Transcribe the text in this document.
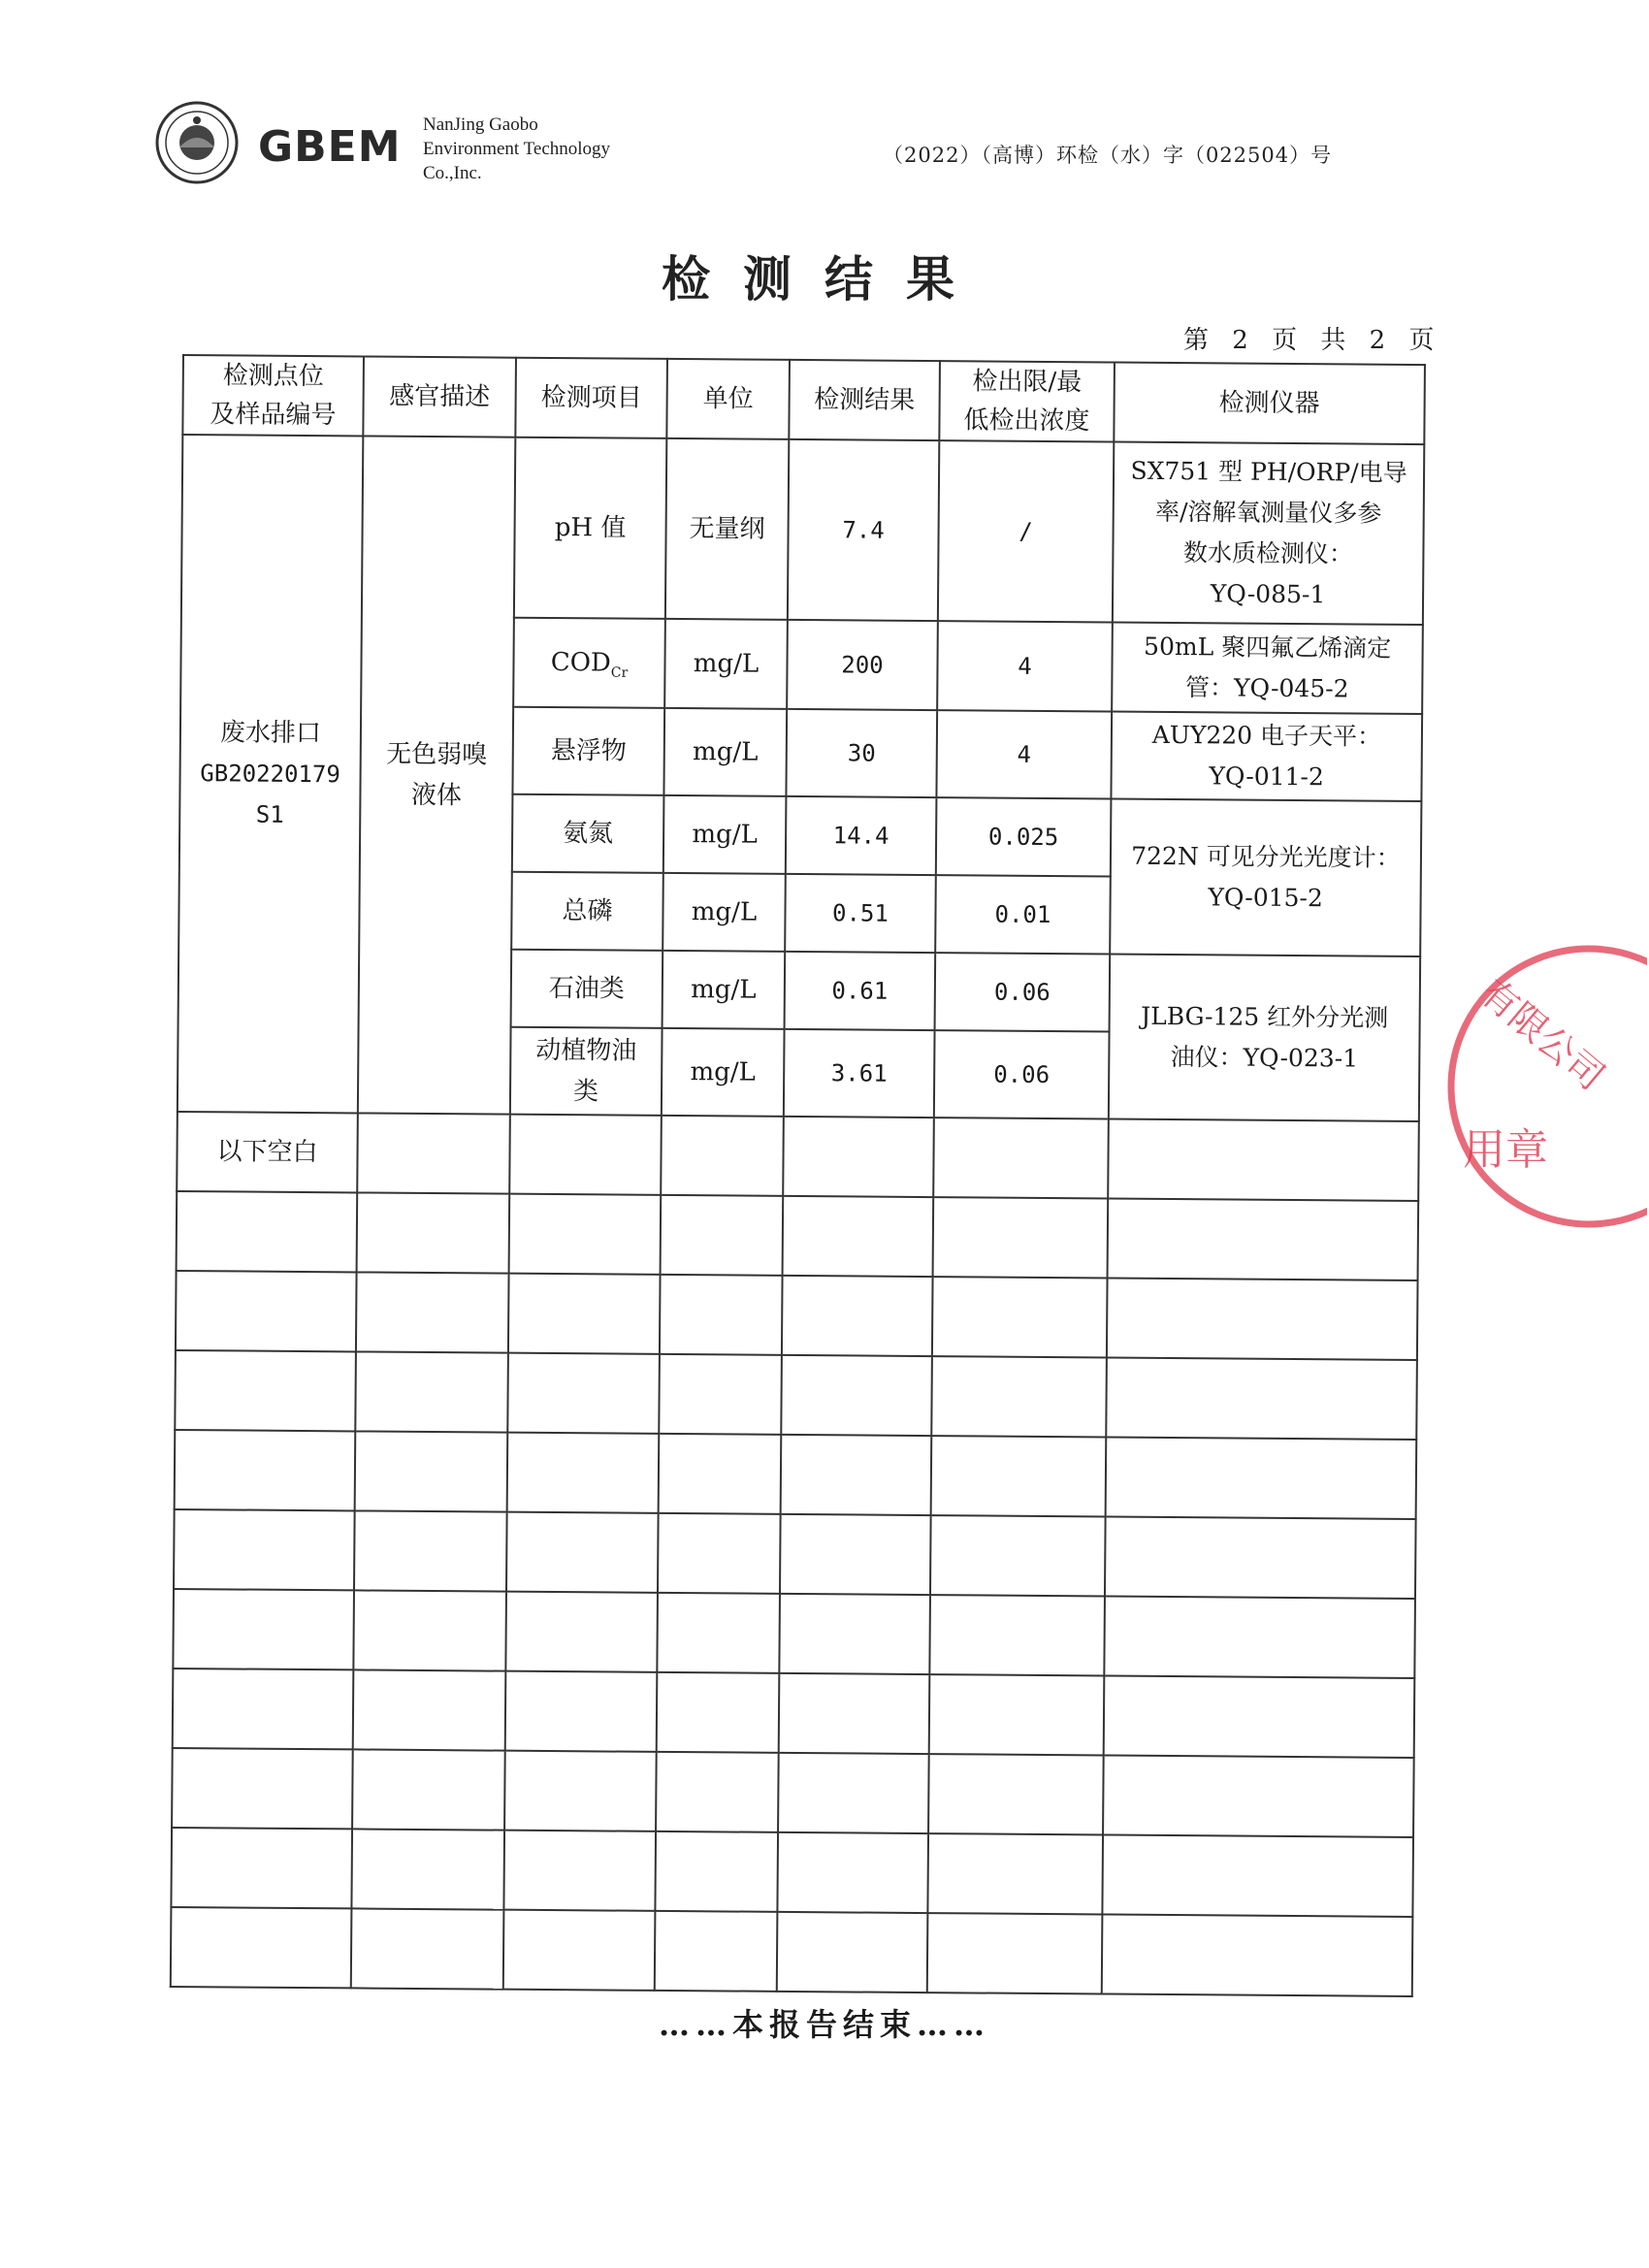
GBEM NanJing Gaobo
Environment Technology
Co.,Inc.
（2022）（高博）环检（水）字（022504）号
检测结果
第 2 页 共 2 页
检测点位
及样品编号	感官描述	检测项目	单位	检测结果	检出限/最
低检出浓度	检测仪器
废水排口
GB20220179
S1	无色弱嗅
液体	pH 值	无量纲	7.4	/	SX751 型 PH/ORP/电导
率/溶解氧测量仪多参
数水质检测仪：
YQ-085-1
		$COD_{Cr}$	mg/L	200	4	50mL 聚四氟乙烯滴定
管：YQ-045-2
		悬浮物	mg/L	30	4	AUY220 电子天平：
YQ-011-2
		氨氮	mg/L	14.4	0.025	722N 可见分光光度计：
YQ-015-2
		总磷	mg/L	0.51	0.01	
		石油类	mg/L	0.61	0.06	JLBG-125 红外分光测
油仪：YQ-023-1
		动植物油
类	mg/L	3.61	0.06	
以下空白						

有限公司
用章
……本报告结束……
